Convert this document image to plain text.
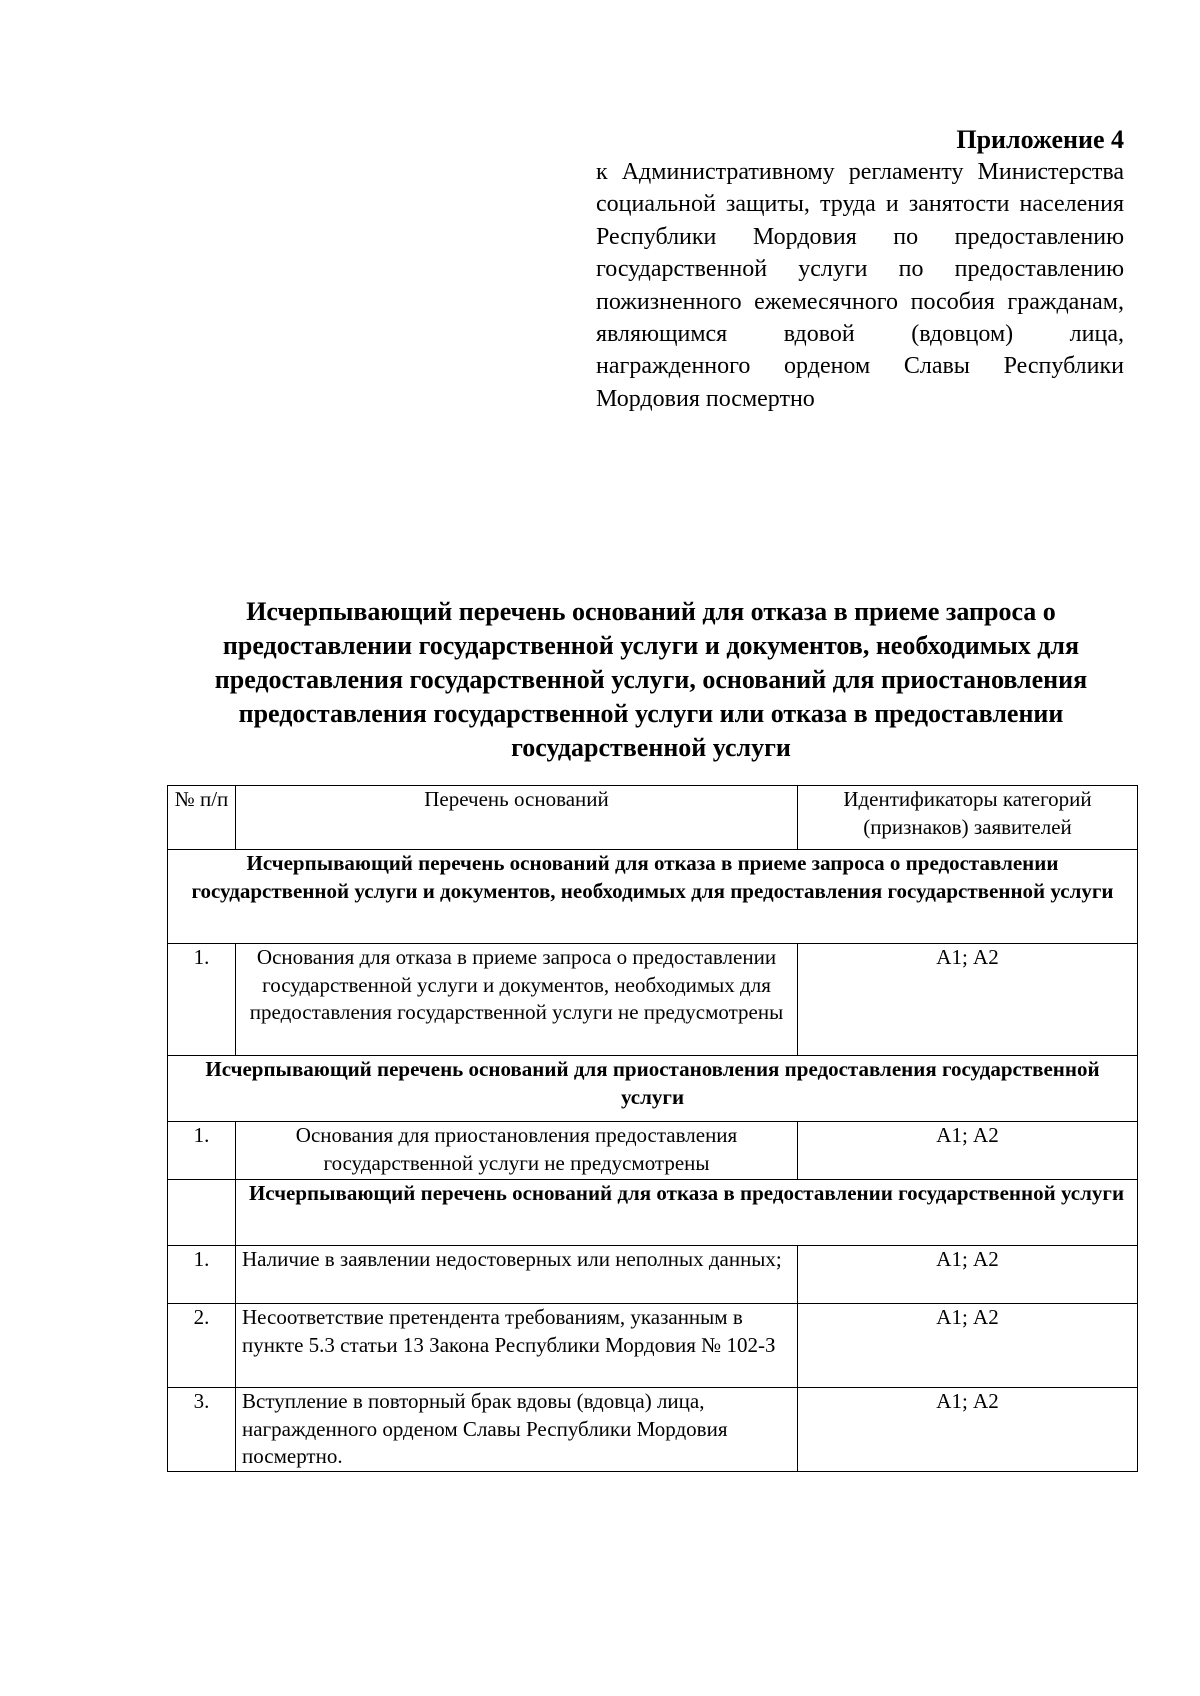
Приложение 4
к Административному регламенту Министерства социальной защиты, труда и занятости населения Республики Мордовия по предоставлению государственной услуги по предоставлению пожизненного ежемесячного пособия гражданам, являющимся вдовой (вдовцом) лица, награжденного орденом Славы Республики Мордовия посмертно
Исчерпывающий перечень оснований для отказа в приеме запроса о предоставлении государственной услуги и документов, необходимых для предоставления государственной услуги, оснований для приостановления предоставления государственной услуги или отказа в предоставлении государственной услуги
№ п/п	Перечень оснований	Идентификаторы категорий (признаков) заявителей
Исчерпывающий перечень оснований для отказа в приеме запроса о предоставлении государственной услуги и документов, необходимых для предоставления государственной услуги		
1.	Основания для отказа в приеме запроса о предоставлении государственной услуги и документов, необходимых для предоставления государственной услуги не предусмотрены	А1; А2
Исчерпывающий перечень оснований для приостановления предоставления государственной услуги		
1.	Основания для приостановления предоставления государственной услуги не предусмотрены	А1; А2
	Исчерпывающий перечень оснований для отказа в предоставлении государственной услуги	
1.	Наличие в заявлении недостоверных или неполных данных;	А1; А2
2.	Несоответствие претендента требованиям, указанным в пункте 5.3 статьи 13 Закона Республики Мордовия № 102-З	А1; А2
3.	Вступление в повторный брак вдовы (вдовца) лица, награжденного орденом Славы Республики Мордовия посмертно.	А1; А2
